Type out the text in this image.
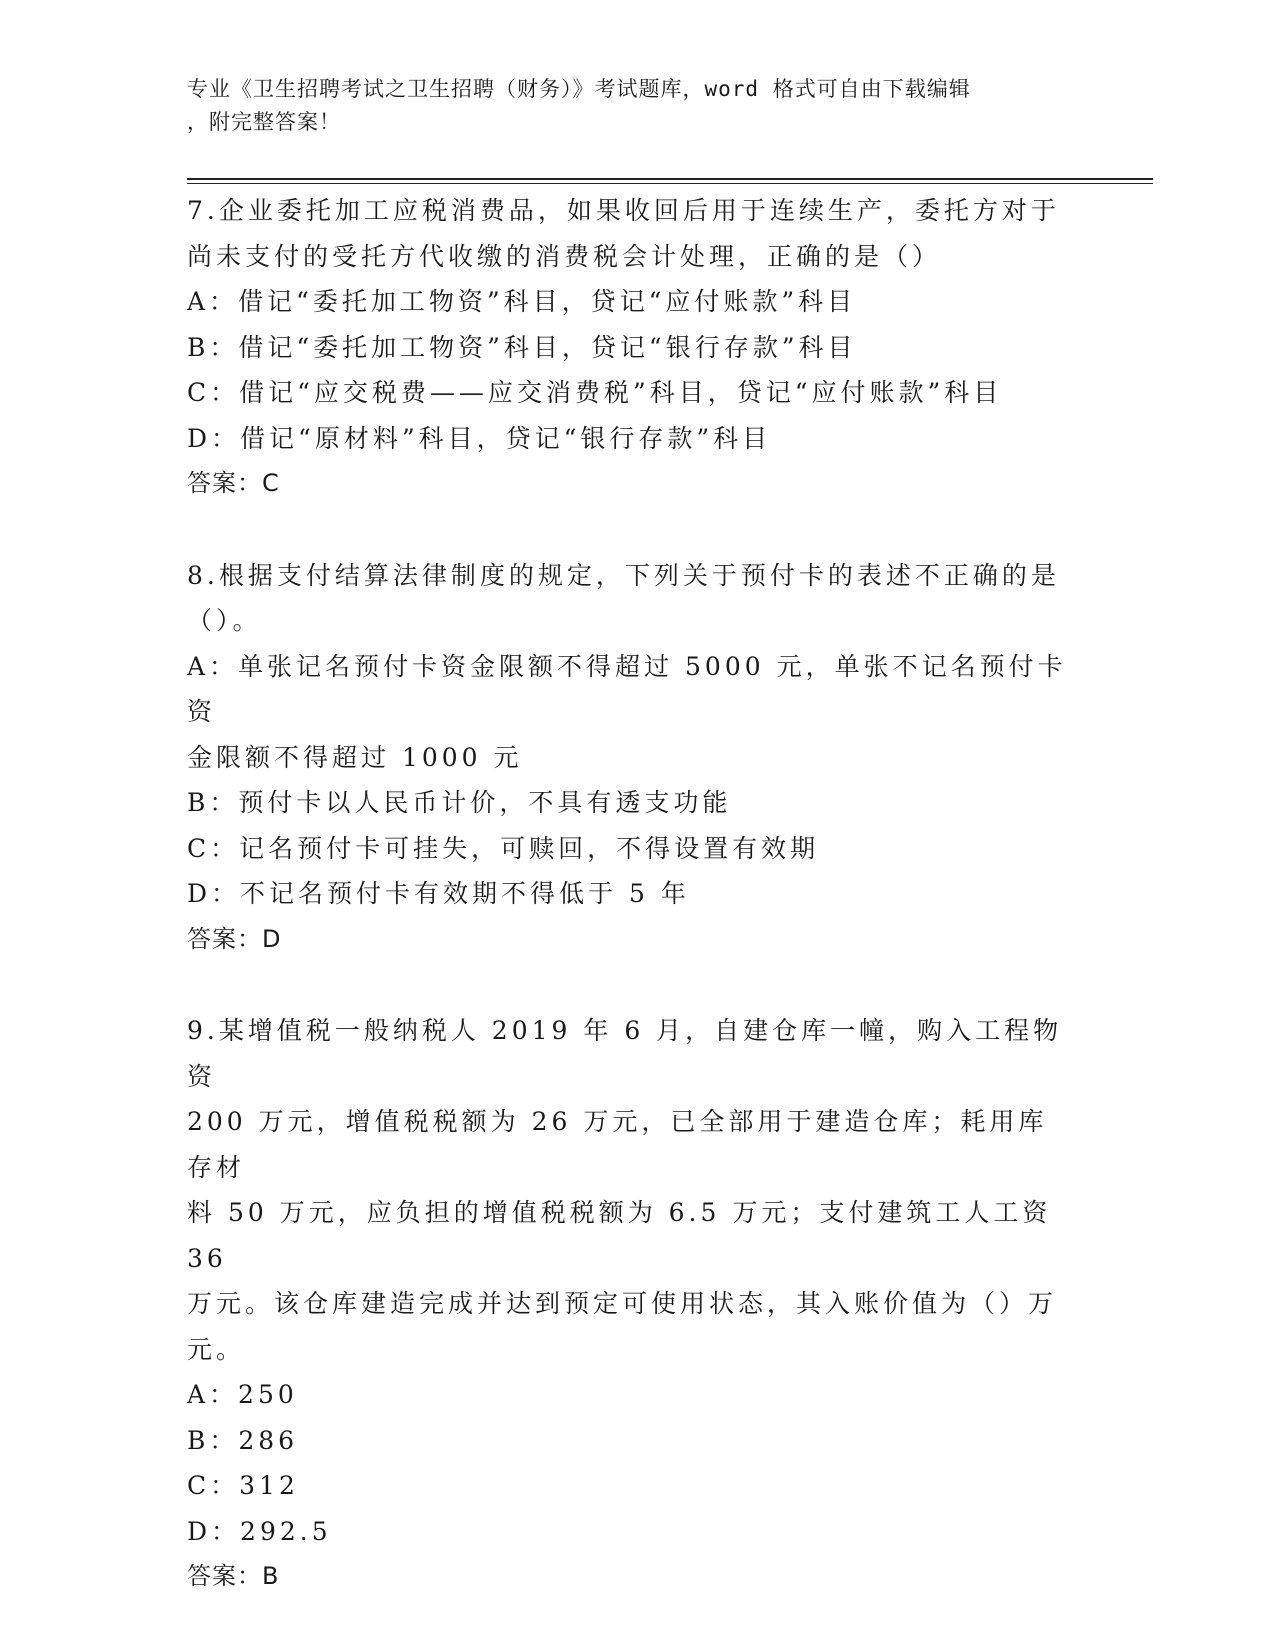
专业《卫生招聘考试之卫生招聘（财务）》考试题库，word 格式可自由下载编辑
，附完整答案！
7.企业委托加工应税消费品，如果收回后用于连续生产，委托方对于
尚未支付的受托方代收缴的消费税会计处理，正确的是（）
A：借记“委托加工物资”科目，贷记“应付账款”科目
B：借记“委托加工物资”科目，贷记“银行存款”科目
C：借记“应交税费——应交消费税”科目，贷记“应付账款”科目
D：借记“原材料”科目，贷记“银行存款”科目
答案：C
8.根据支付结算法律制度的规定，下列关于预付卡的表述不正确的是
（）。
A：单张记名预付卡资金限额不得超过 5000 元，单张不记名预付卡资
金限额不得超过 1000 元
B：预付卡以人民币计价，不具有透支功能
C：记名预付卡可挂失，可赎回，不得设置有效期
D：不记名预付卡有效期不得低于 5 年
答案：D
9.某增值税一般纳税人 2019 年 6 月，自建仓库一幢，购入工程物资
200 万元，增值税税额为 26 万元，已全部用于建造仓库；耗用库存材
料 50 万元，应负担的增值税税额为 6.5 万元；支付建筑工人工资 36
万元。该仓库建造完成并达到预定可使用状态，其入账价值为（）万
元。
A：250
B：286
C：312
D：292.5
答案：B
